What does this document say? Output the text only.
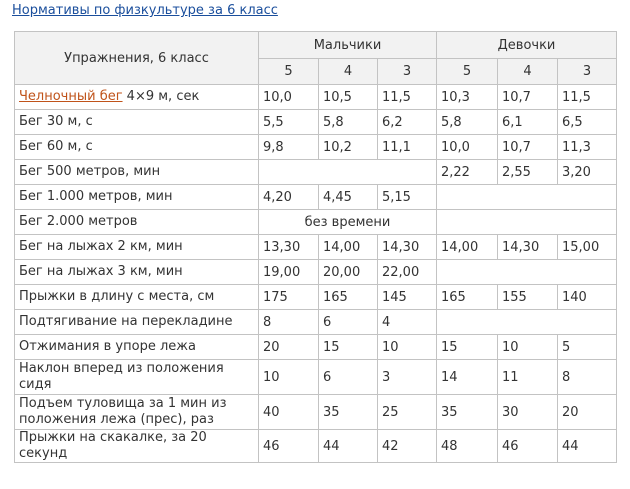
Нормативы по физкультуре за 6 класс
Упражнения, 6 класс	Мальчики			Девочки		
	5	4	3	5	4	3
Челночный бег 4×9 м, сек	10,0	10,5	11,5	10,3	10,7	11,5
Бег 30 м, с	5,5	5,8	6,2	5,8	6,1	6,5
Бег 60 м, с	9,8	10,2	11,1	10,0	10,7	11,3
Бег 500 метров, мин				2,22	2,55	3,20
Бег 1.000 метров, мин	4,20	4,45	5,15			
Бег 2.000 метров	без времени					
Бег на лыжах 2 км, мин	13,30	14,00	14,30	14,00	14,30	15,00
Бег на лыжах 3 км, мин	19,00	20,00	22,00			
Прыжки в длину с места, см	175	165	145	165	155	140
Подтягивание на перекладине	8	6	4			
Отжимания в упоре лежа	20	15	10	15	10	5
Наклон вперед из положения сидя	10	6	3	14	11	8
Подъем туловища за 1 мин из положения лежа (прес), раз	40	35	25	35	30	20
Прыжки на скакалке, за 20 секунд	46	44	42	48	46	44
